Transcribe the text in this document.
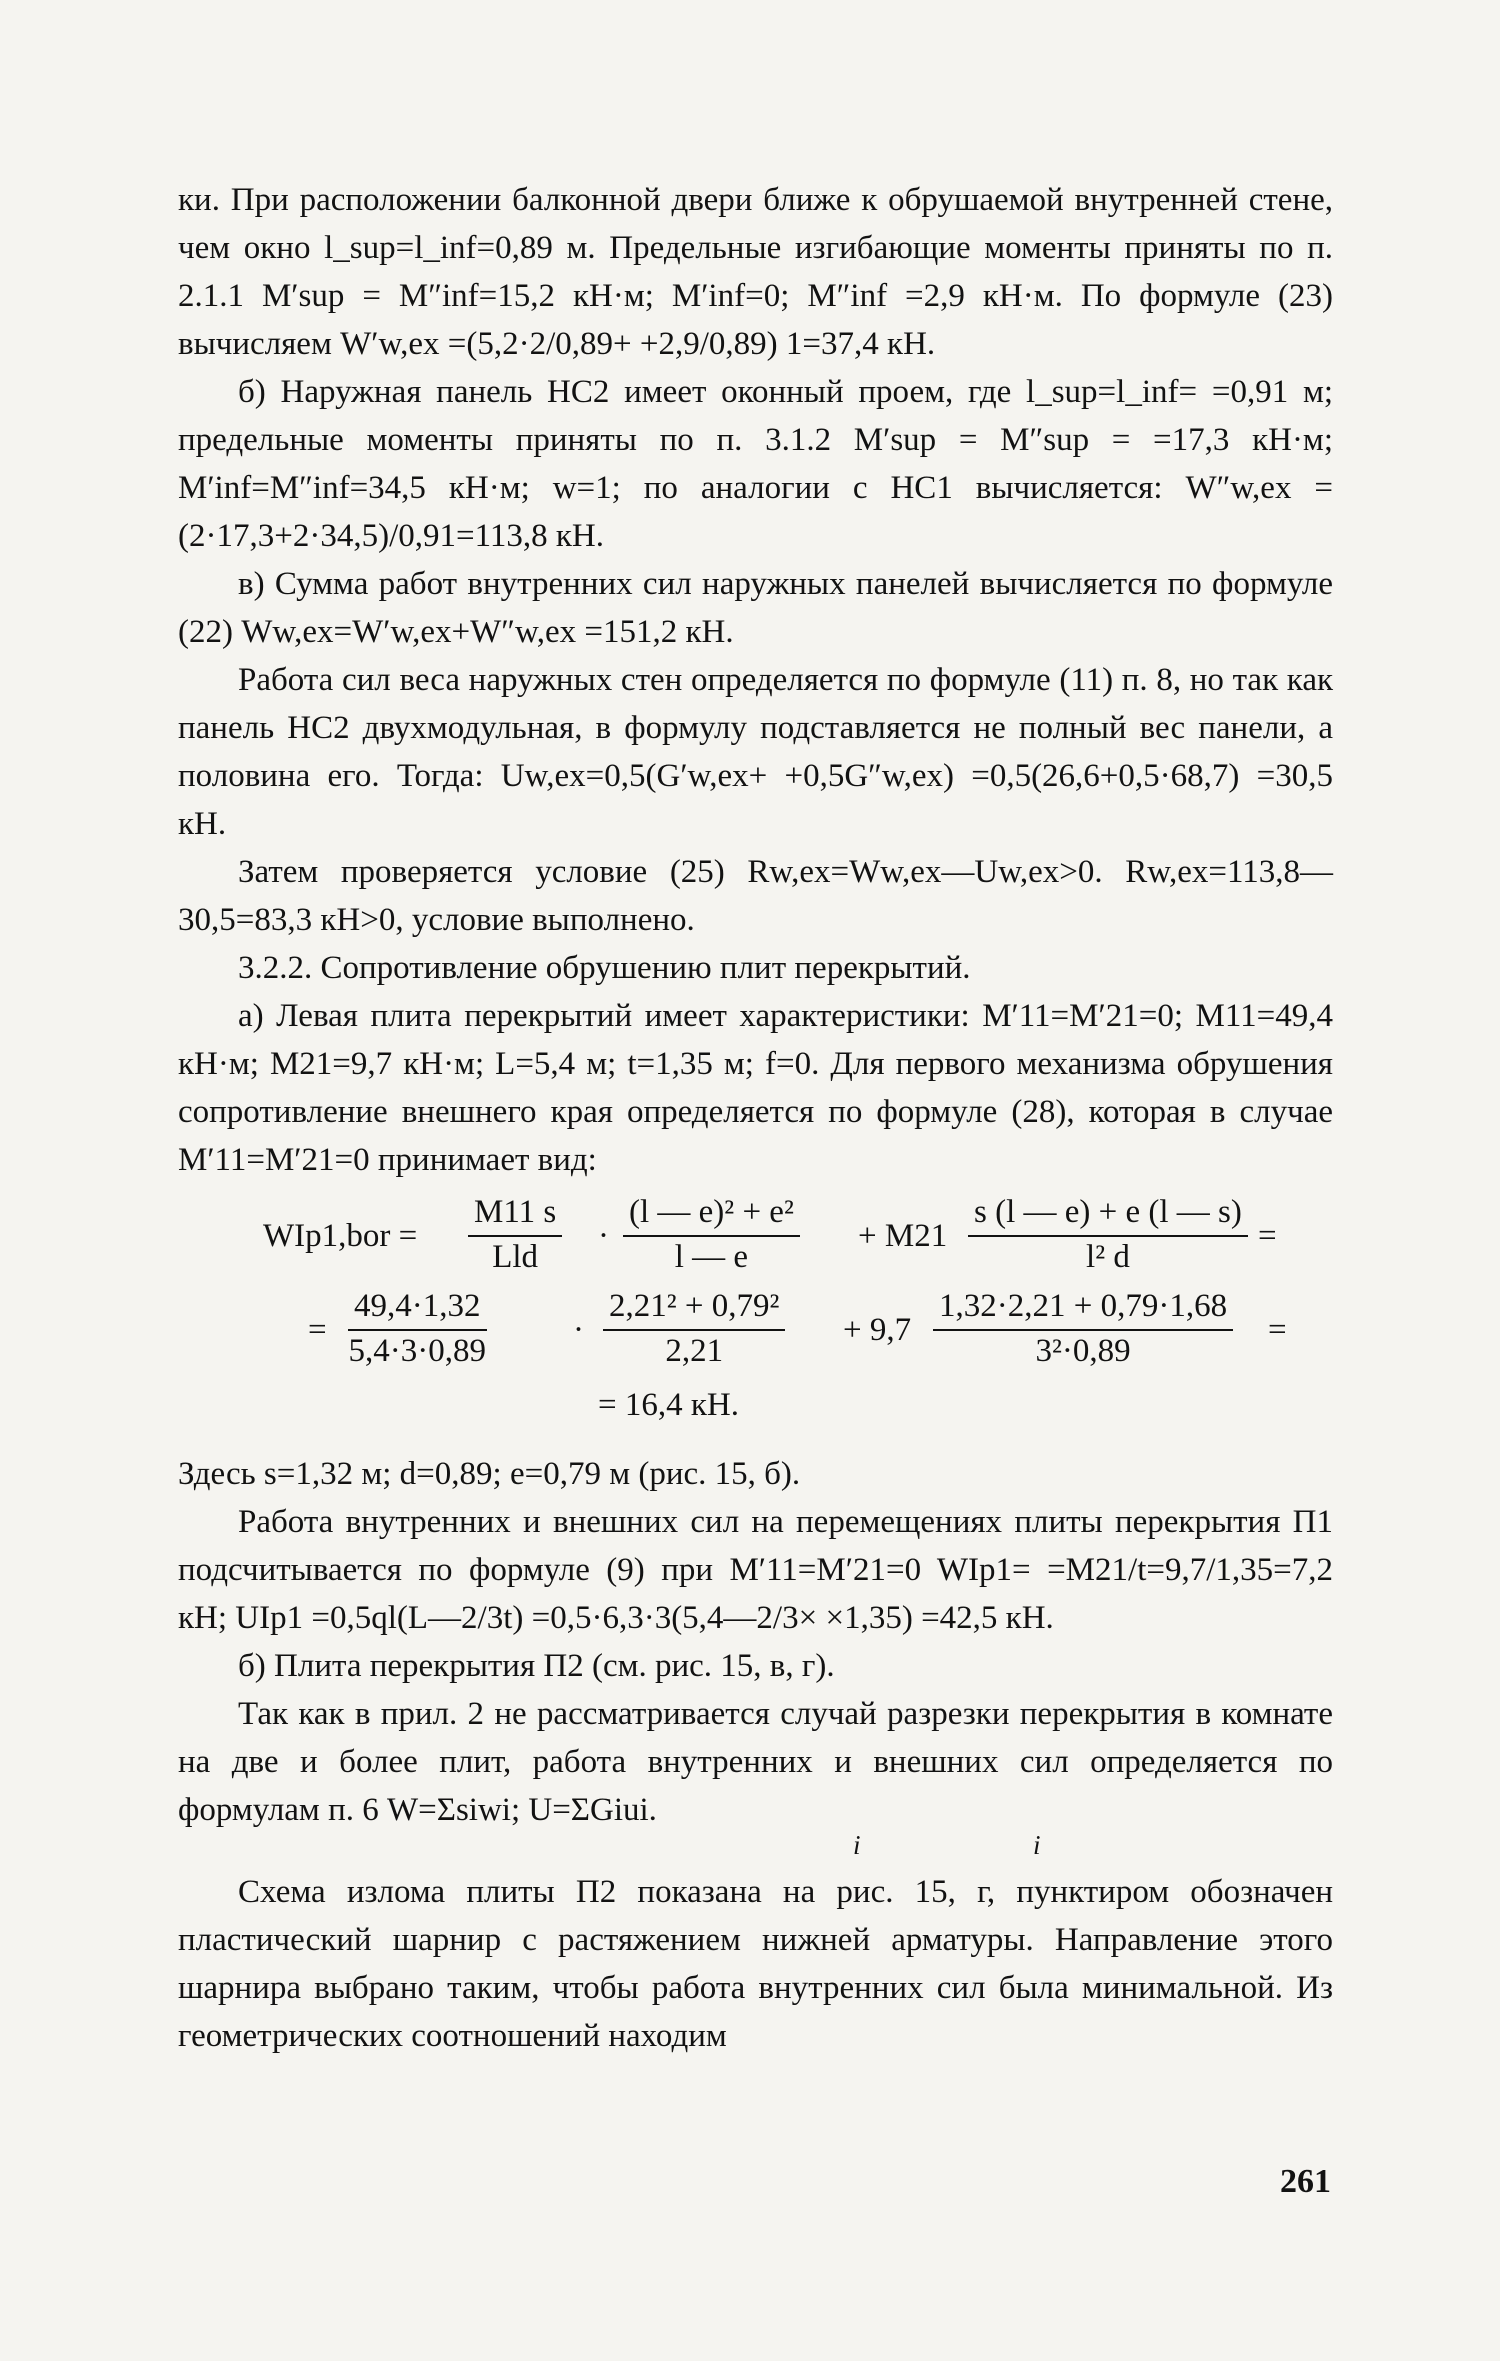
ки. При расположении балконной двери ближе к обрушаемой внутренней стене, чем окно l_sup=l_inf=0,89 м. Предельные изгибающие моменты приняты по п. 2.1.1 M′sup = M″inf=15,2 кН·м; M′inf=0; M″inf =2,9 кН·м. По формуле (23) вычисляем W′w,ex =(5,2·2/0,89+ +2,9/0,89) 1=37,4 кН.

б) Наружная панель НС2 имеет оконный проем, где l_sup=l_inf= =0,91 м; предельные моменты приняты по п. 3.1.2 M′sup = M″sup = =17,3 кН·м; M′inf=M″inf=34,5 кН·м; w=1; по аналогии с НС1 вычисляется: W″w,ex = (2·17,3+2·34,5)/0,91=113,8 кН.

в) Сумма работ внутренних сил наружных панелей вычисляется по формуле (22) Ww,ex=W′w,ex+W″w,ex =151,2 кН.

Работа сил веса наружных стен определяется по формуле (11) п. 8, но так как панель НС2 двухмодульная, в формулу подставляется не полный вес панели, а половина его. Тогда: Uw,ex=0,5(G′w,ex+ +0,5G″w,ex) =0,5(26,6+0,5·68,7) =30,5 кН.

Затем проверяется условие (25) Rw,ex=Ww,ex—Uw,ex>0. Rw,ex=113,8—30,5=83,3 кН>0, условие выполнено.

3.2.2. Сопротивление обрушению плит перекрытий.

а) Левая плита перекрытий имеет характеристики: M′11=M′21=0; M11=49,4 кН·м; M21=9,7 кН·м; L=5,4 м; t=1,35 м; f=0. Для первого механизма обрушения сопротивление внешнего края определяется по формуле (28), которая в случае M′11=M′21=0 принимает вид:

WIp1,bor =
M11 s
Lld
· $\frac{\text{(l — e)² + e²}}{l — e} + M21 \frac{s (l — e) + e (l — s)}{\text{l² d}}$ =
= $\frac{49,4\cdot 1,32}{5,4\cdot 3\cdot 0,89}$	· $\frac{\text{2,21² + 0,79²}}{2,21} + 9,7 \frac{1,32\cdot 2,21 + 0,79\cdot 1,68}{\text{3²·0,89}}$ =
= 16,4 кН.

Здесь s=1,32 м; d=0,89; e=0,79 м (рис. 15, б).

Работа внутренних и внешних сил на перемещениях плиты перекрытия П1 подсчитывается по формуле (9) при M′11=M′21=0 WIp1= =M21/t=9,7/1,35=7,2 кН; UIp1 =0,5ql(L—2/3t) =0,5·6,3·3(5,4—2/3× ×1,35) =42,5 кН.

б) Плита перекрытия П2 (см. рис. 15, в, г).

Так как в прил. 2 не рассматривается случай разрезки перекрытия в комнате на две и более плит, работа внутренних и внешних сил определяется по формулам п. 6 W=Σsiwi; U=ΣGiui.

i	i

Схема излома плиты П2 показана на рис. 15, г, пунктиром обозначен пластический шарнир с растяжением нижней арматуры. Направление этого шарнира выбрано таким, чтобы работа внутренних сил была минимальной. Из геометрических соотношений находим

261
